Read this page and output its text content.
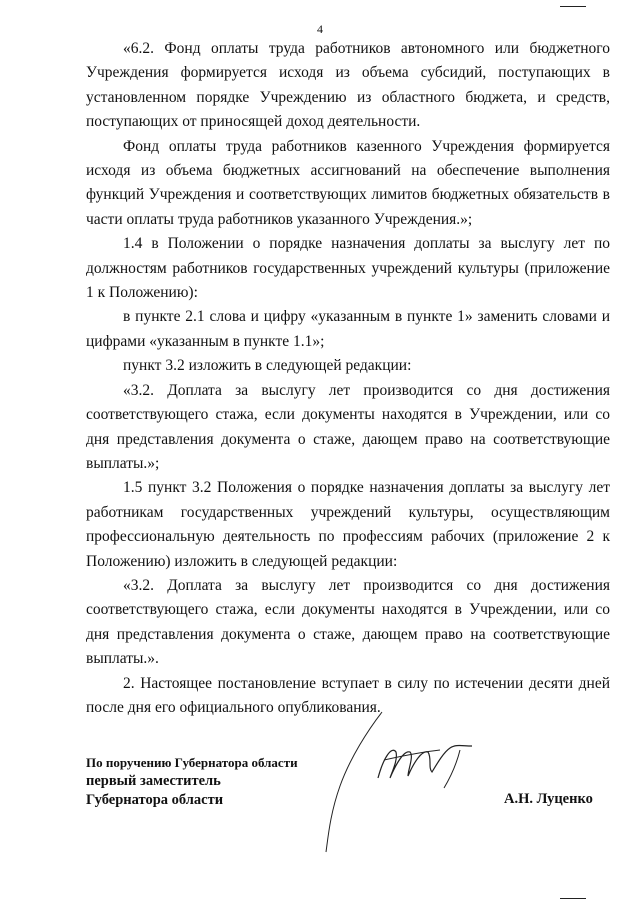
4

«6.2. Фонд оплаты труда работников автономного или бюджетного Учреждения формируется исходя из объема субсидий, поступающих в установленном порядке Учреждению из областного бюджета, и средств, поступающих от приносящей доход деятельности.

Фонд оплаты труда работников казенного Учреждения формируется исходя из объема бюджетных ассигнований на обеспечение выполнения функций Учреждения и соответствующих лимитов бюджетных обязательств в части оплаты труда работников указанного Учреждения.»;

1.4 в Положении о порядке назначения доплаты за выслугу лет по должностям работников государственных учреждений культуры (приложение 1 к Положению):

в пункте 2.1 слова и цифру «указанным в пункте 1» заменить словами и цифрами «указанным в пункте 1.1»;

пункт 3.2 изложить в следующей редакции:

«3.2. Доплата за выслугу лет производится со дня достижения соответствующего стажа, если документы находятся в Учреждении, или со дня представления документа о стаже, дающем право на соответствующие выплаты.»;

1.5 пункт 3.2 Положения о порядке назначения доплаты за выслугу лет работникам государственных учреждений культуры, осуществляющим профессиональную деятельность по профессиям рабочих (приложение 2 к Положению) изложить в следующей редакции:

«3.2. Доплата за выслугу лет производится со дня достижения соответствующего стажа, если документы находятся в Учреждении, или со дня представления документа о стаже, дающем право на соответствующие выплаты.».

2. Настоящее постановление вступает в силу по истечении десяти дней после дня его официального опубликования.

По поручению Губернатора области
первый заместитель
Губернатора области	А.Н. Луценко
